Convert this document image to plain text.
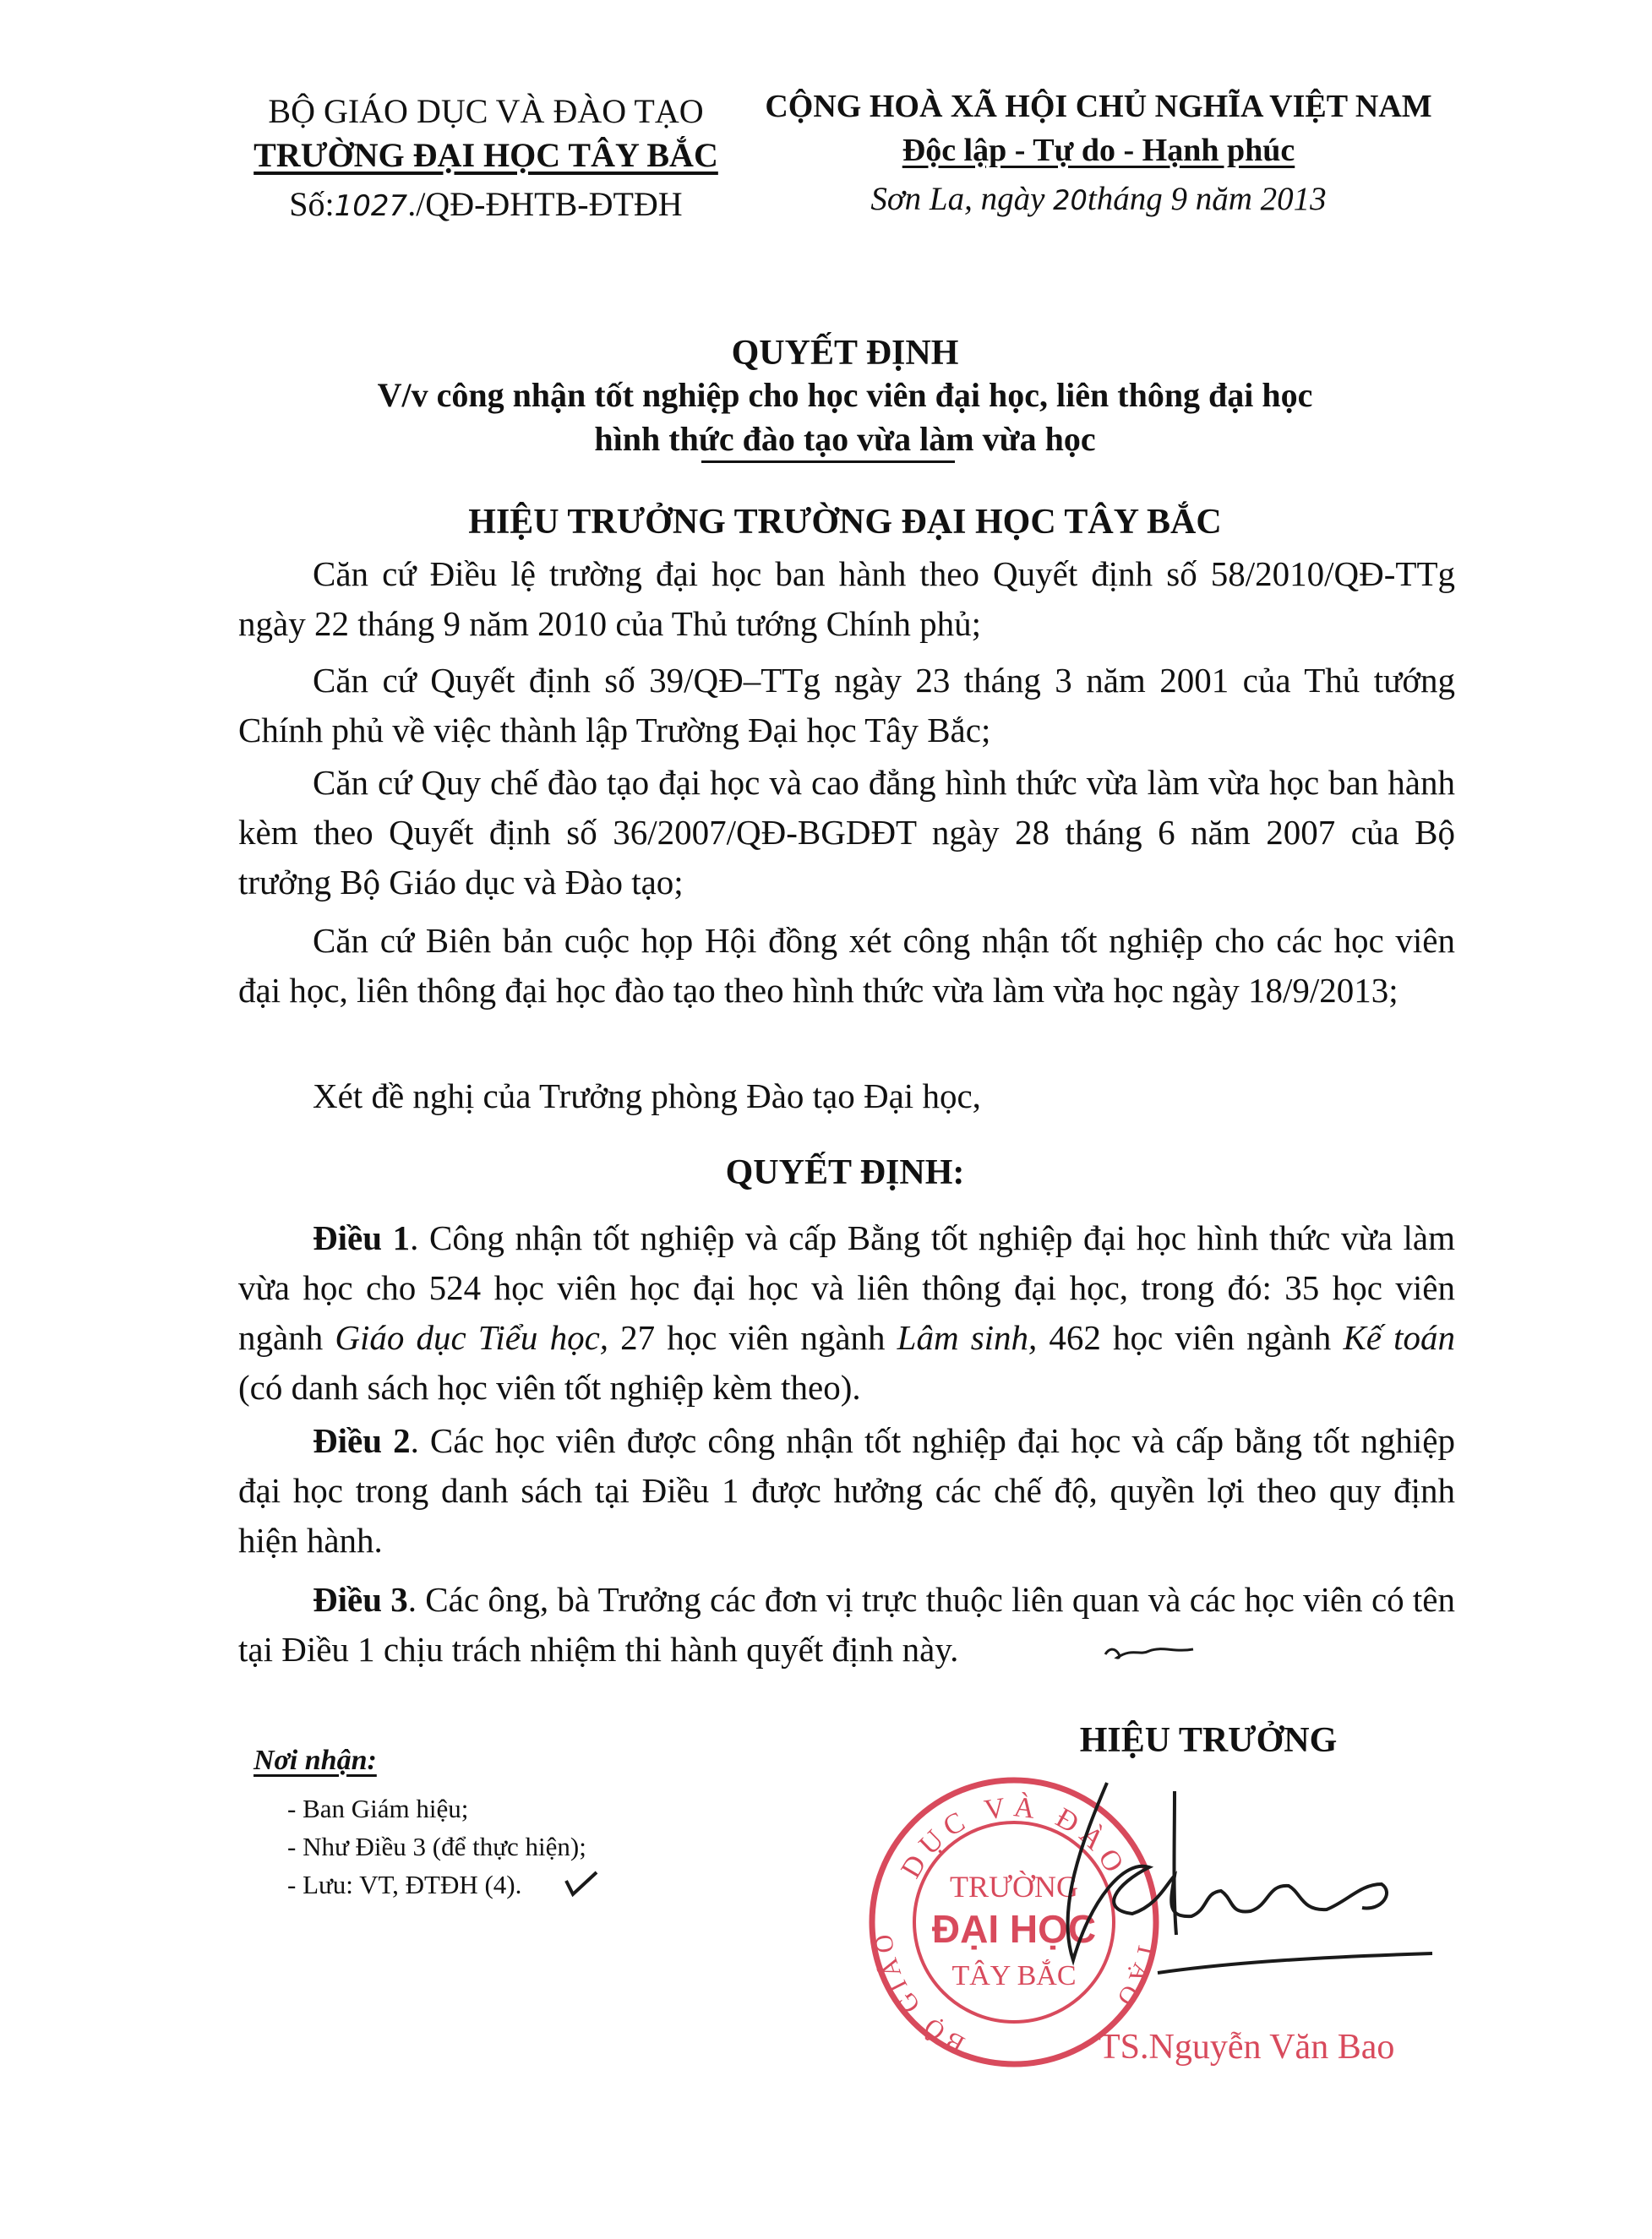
BỘ GIÁO DỤC VÀ ĐÀO TẠO
TRƯỜNG ĐẠI HỌC TÂY BẮC
Số:1027./QĐ-ĐHTB-ĐTĐH
CỘNG HOÀ XÃ HỘI CHỦ NGHĨA VIỆT NAM
Độc lập - Tự do - Hạnh phúc
Sơn La, ngày 20tháng 9 năm 2013
QUYẾT ĐỊNH
V/v công nhận tốt nghiệp cho học viên đại học, liên thông đại học
hình thức đào tạo vừa làm vừa học
HIỆU TRƯỞNG TRƯỜNG ĐẠI HỌC TÂY BẮC
Căn cứ Điều lệ trường đại học ban hành theo Quyết định số 58/2010/QĐ-TTg ngày 22 tháng 9 năm 2010 của Thủ tướng Chính phủ;
Căn cứ Quyết định số 39/QĐ–TTg ngày 23 tháng 3 năm 2001 của Thủ tướng Chính phủ về việc thành lập Trường Đại học Tây Bắc;
Căn cứ Quy chế đào tạo đại học và cao đẳng hình thức vừa làm vừa học ban hành kèm theo Quyết định số 36/2007/QĐ-BGDĐT ngày 28 tháng 6 năm 2007 của Bộ trưởng Bộ Giáo dục và Đào tạo;
Căn cứ Biên bản cuộc họp Hội đồng xét công nhận tốt nghiệp cho các học viên đại học, liên thông đại học đào tạo theo hình thức vừa làm vừa học ngày 18/9/2013;
Xét đề nghị của Trưởng phòng Đào tạo Đại học,
QUYẾT ĐỊNH:
Điều 1. Công nhận tốt nghiệp và cấp Bằng tốt nghiệp đại học hình thức vừa làm vừa học cho 524 học viên học đại học và liên thông đại học, trong đó: 35 học viên ngành Giáo dục Tiểu học, 27 học viên ngành Lâm sinh, 462 học viên ngành Kế toán (có danh sách học viên tốt nghiệp kèm theo).
Điều 2. Các học viên được công nhận tốt nghiệp đại học và cấp bằng tốt nghiệp đại học trong danh sách tại Điều 1 được hưởng các chế độ, quyền lợi theo quy định hiện hành.
Điều 3. Các ông, bà Trưởng các đơn vị trực thuộc liên quan và các học viên có tên tại Điều 1 chịu trách nhiệm thi hành quyết định này.
Nơi nhận:
- Ban Giám hiệu;
- Như Điều 3 (để thực hiện);
- Lưu: VT, ĐTĐH (4).
HIỆU TRƯỞNG
DỤC VÀ ĐÀO
BỘ GIÁO	TẠO
TRƯỜNG
ĐẠI HỌC
TÂY BẮC
TS.Nguyễn Văn Bao
